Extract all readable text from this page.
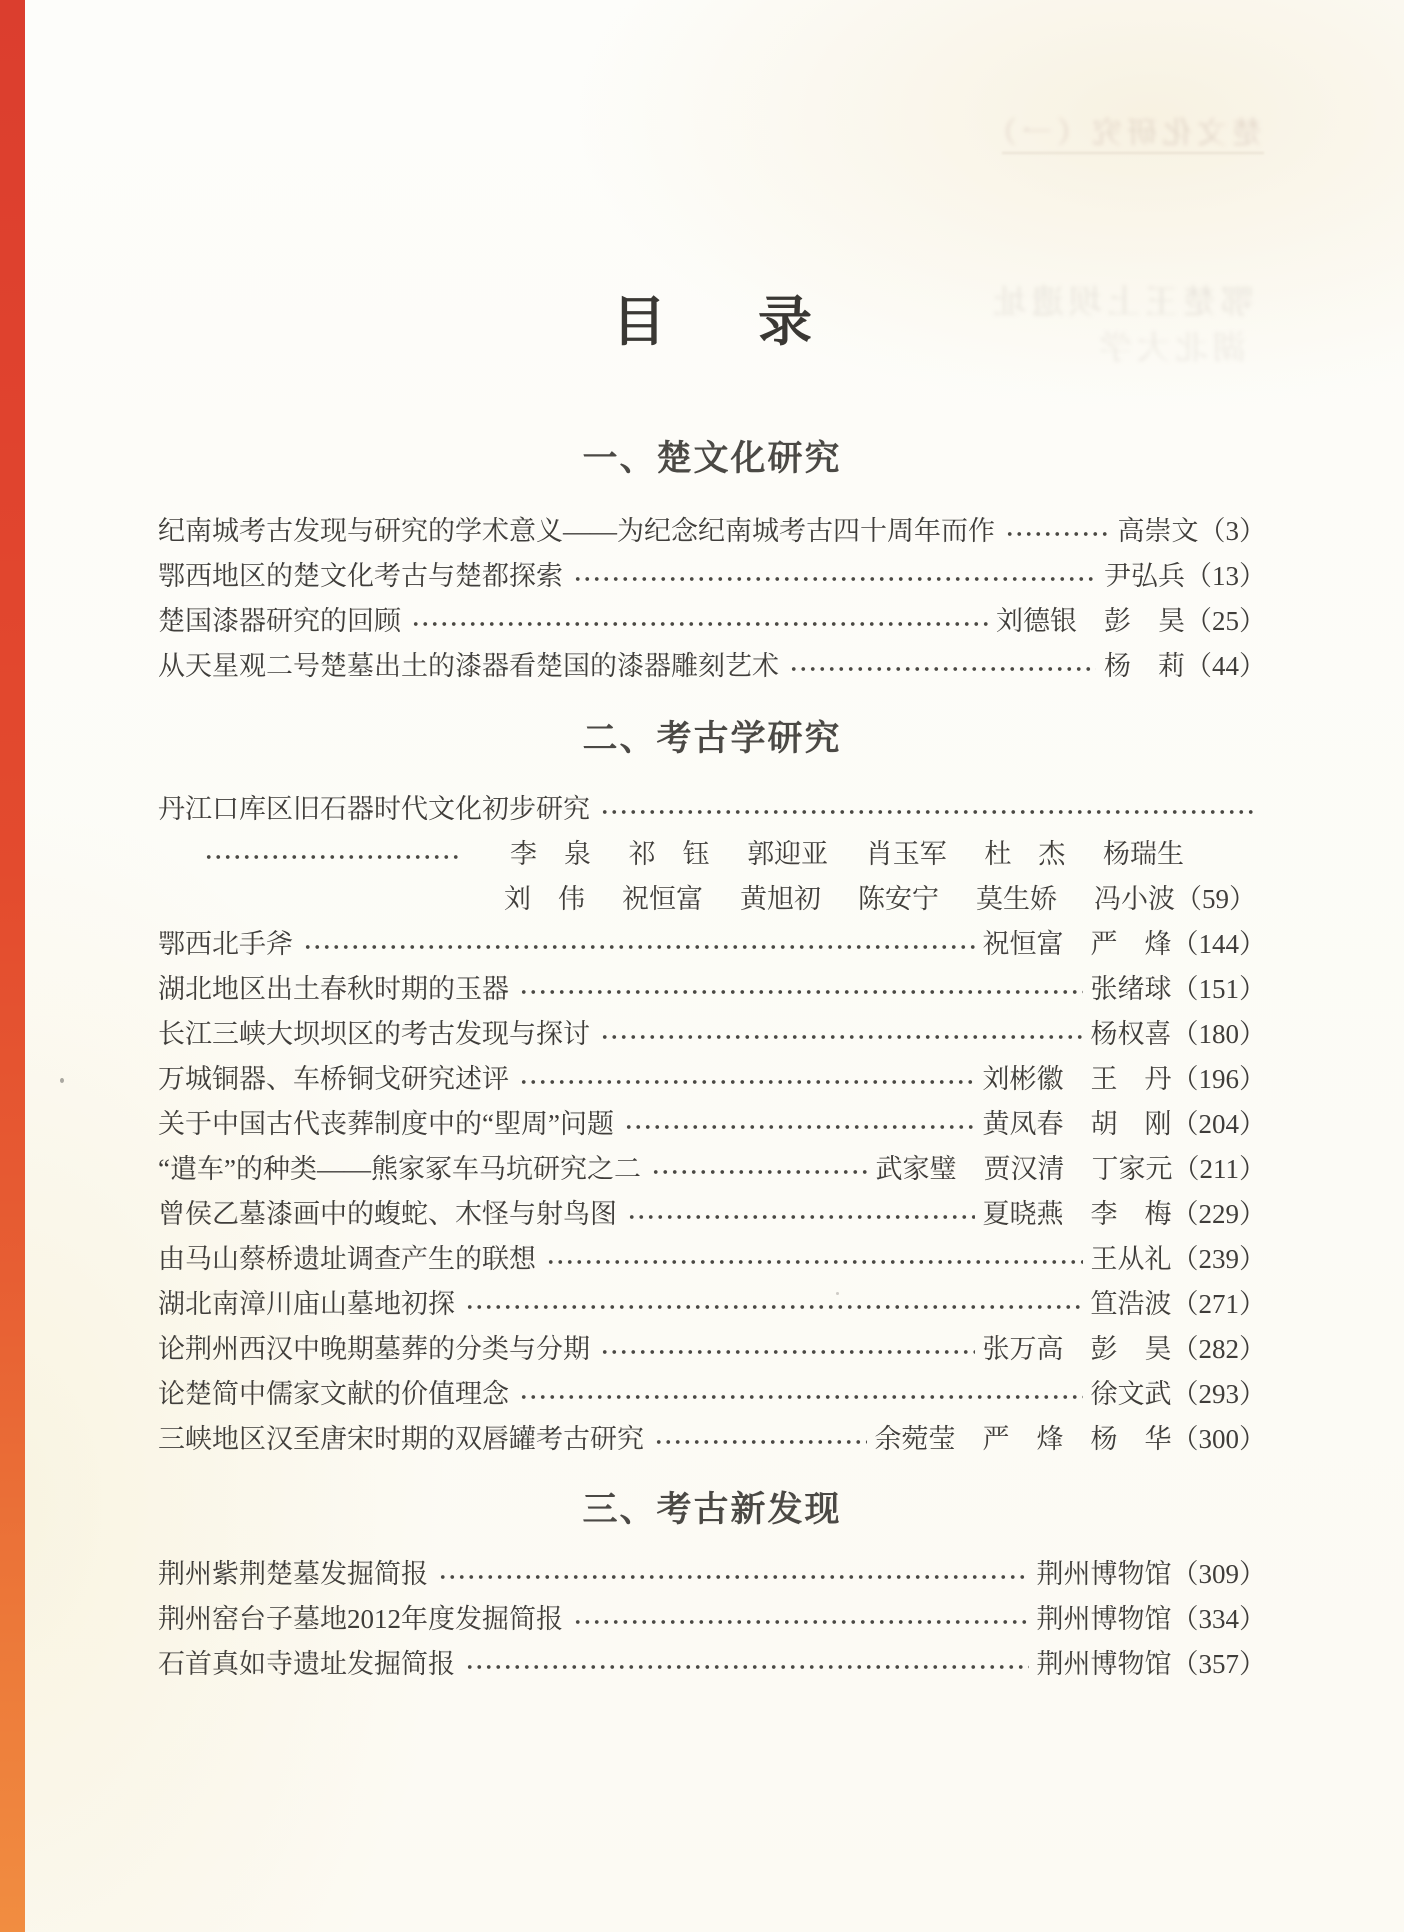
楚文化研究（一）
鄂楚王上坝遗址
湖北大学
目 录
一、楚文化研究
纪南城考古发现与研究的学术意义——为纪念纪南城考古四十周年而作	高崇文（3）
鄂西地区的楚文化考古与楚都探索	尹弘兵（13）
楚国漆器研究的回顾	刘德银　彭　昊（25）
从天星观二号楚墓出土的漆器看楚国的漆器雕刻艺术	杨　莉（44）
二、考古学研究
丹江口库区旧石器时代文化初步研究
李　泉 祁　钰 郭迎亚 肖玉军 杜　杰 杨瑞生
刘　伟 祝恒富 黄旭初 陈安宁 莫生娇 冯小波（59）
鄂西北手斧	祝恒富　严　烽（144）
湖北地区出土春秋时期的玉器	张绪球（151）
长江三峡大坝坝区的考古发现与探讨	杨权喜（180）
万城铜器、车桥铜戈研究述评	刘彬徽　王　丹（196）
关于中国古代丧葬制度中的“堲周”问题	黄凤春　胡　刚（204）
“遣车”的种类——熊家冢车马坑研究之二	武家璧　贾汉清　丁家元（211）
曾侯乙墓漆画中的蝮蛇、木怪与射鸟图	夏晓燕　李　梅（229）
由马山蔡桥遗址调查产生的联想	王从礼（239）
湖北南漳川庙山墓地初探	笪浩波（271）
论荆州西汉中晚期墓葬的分类与分期	张万高　彭　昊（282）
论楚简中儒家文献的价值理念	徐文武（293）
三峡地区汉至唐宋时期的双唇罐考古研究	余菀莹　严　烽　杨　华（300）
三、考古新发现
荆州紫荆楚墓发掘简报	荆州博物馆（309）
荆州窑台子墓地2012年度发掘简报	荆州博物馆（334）
石首真如寺遗址发掘简报	荆州博物馆（357）
